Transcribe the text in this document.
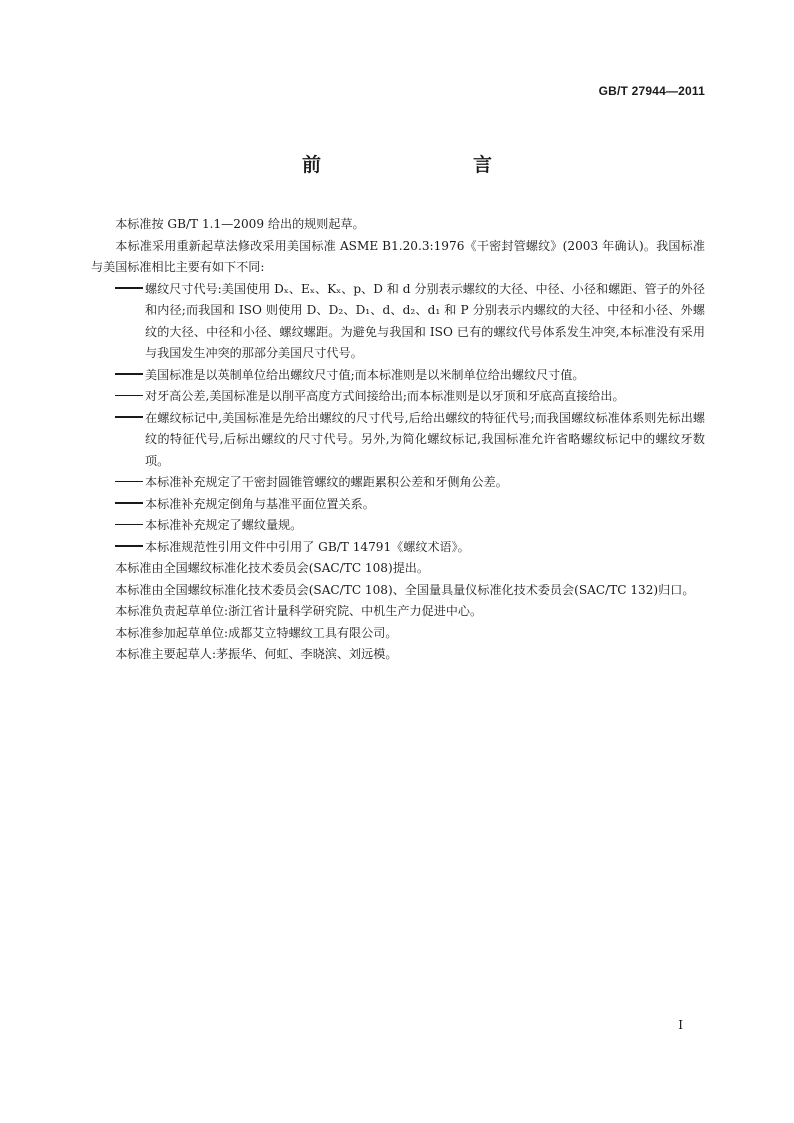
GB/T 27944—2011
前　　言

本标准按 GB/T 1.1—2009 给出的规则起草。

本标准采用重新起草法修改采用美国标准 ASME B1.20.3:1976《干密封管螺纹》(2003 年确认)。我国标准与美国标准相比主要有如下不同:

螺纹尺寸代号:美国使用 Dₓ、Eₓ、Kₓ、p、D 和 d 分别表示螺纹的大径、中径、小径和螺距、管子的外径和内径;而我国和 ISO 则使用 D、D₂、D₁、d、d₂、d₁ 和 P 分别表示内螺纹的大径、中径和小径、外螺纹的大径、中径和小径、螺纹螺距。为避免与我国和 ISO 已有的螺纹代号体系发生冲突,本标准没有采用与我国发生冲突的那部分美国尺寸代号。

美国标准是以英制单位给出螺纹尺寸值;而本标准则是以米制单位给出螺纹尺寸值。

对牙高公差,美国标准是以削平高度方式间接给出;而本标准则是以牙顶和牙底高直接给出。

在螺纹标记中,美国标准是先给出螺纹的尺寸代号,后给出螺纹的特征代号;而我国螺纹标准体系则先标出螺纹的特征代号,后标出螺纹的尺寸代号。另外,为简化螺纹标记,我国标准允许省略螺纹标记中的螺纹牙数项。

本标准补充规定了干密封圆锥管螺纹的螺距累积公差和牙侧角公差。

本标准补充规定倒角与基准平面位置关系。

本标准补充规定了螺纹量规。

本标准规范性引用文件中引用了 GB/T 14791《螺纹术语》。

本标准由全国螺纹标准化技术委员会(SAC/TC 108)提出。

本标准由全国螺纹标准化技术委员会(SAC/TC 108)、全国量具量仪标准化技术委员会(SAC/TC 132)归口。

本标准负责起草单位:浙江省计量科学研究院、中机生产力促进中心。

本标准参加起草单位:成都艾立特螺纹工具有限公司。

本标准主要起草人:茅振华、何虹、李晓滨、刘远模。

I
